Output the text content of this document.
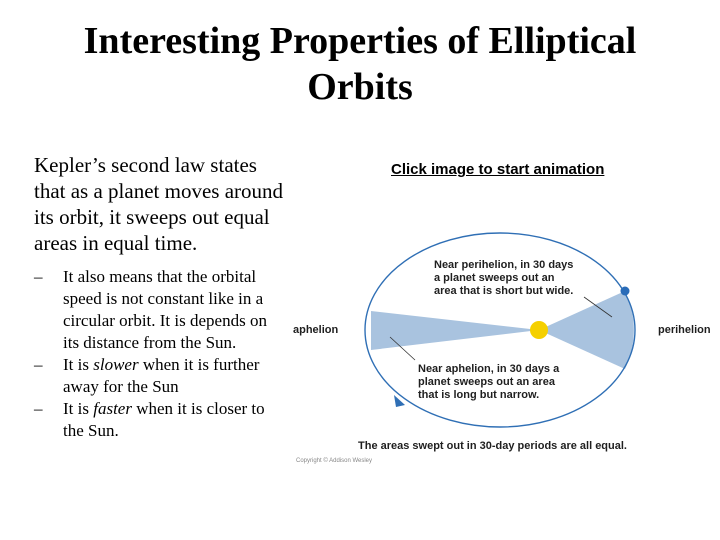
Interesting Properties of Elliptical
Orbits

Kepler’s second law states that as a planet moves around its orbit, it sweeps out equal areas in equal time.

–	It also means that the orbital speed is not constant like in a circular orbit. It is depends on its distance from the Sun.

–	It is slower when it is further away for the Sun

–	It is faster when it is closer to the Sun.

Click image to start animation
aphelion	perihelion
Near perihelion, in 30 days
a planet sweeps out an
area that is short but wide.
Near aphelion, in 30 days a
planet sweeps out an area
that is long but narrow.
The areas swept out in 30-day periods are all equal.
Copyright © Addison Wesley
